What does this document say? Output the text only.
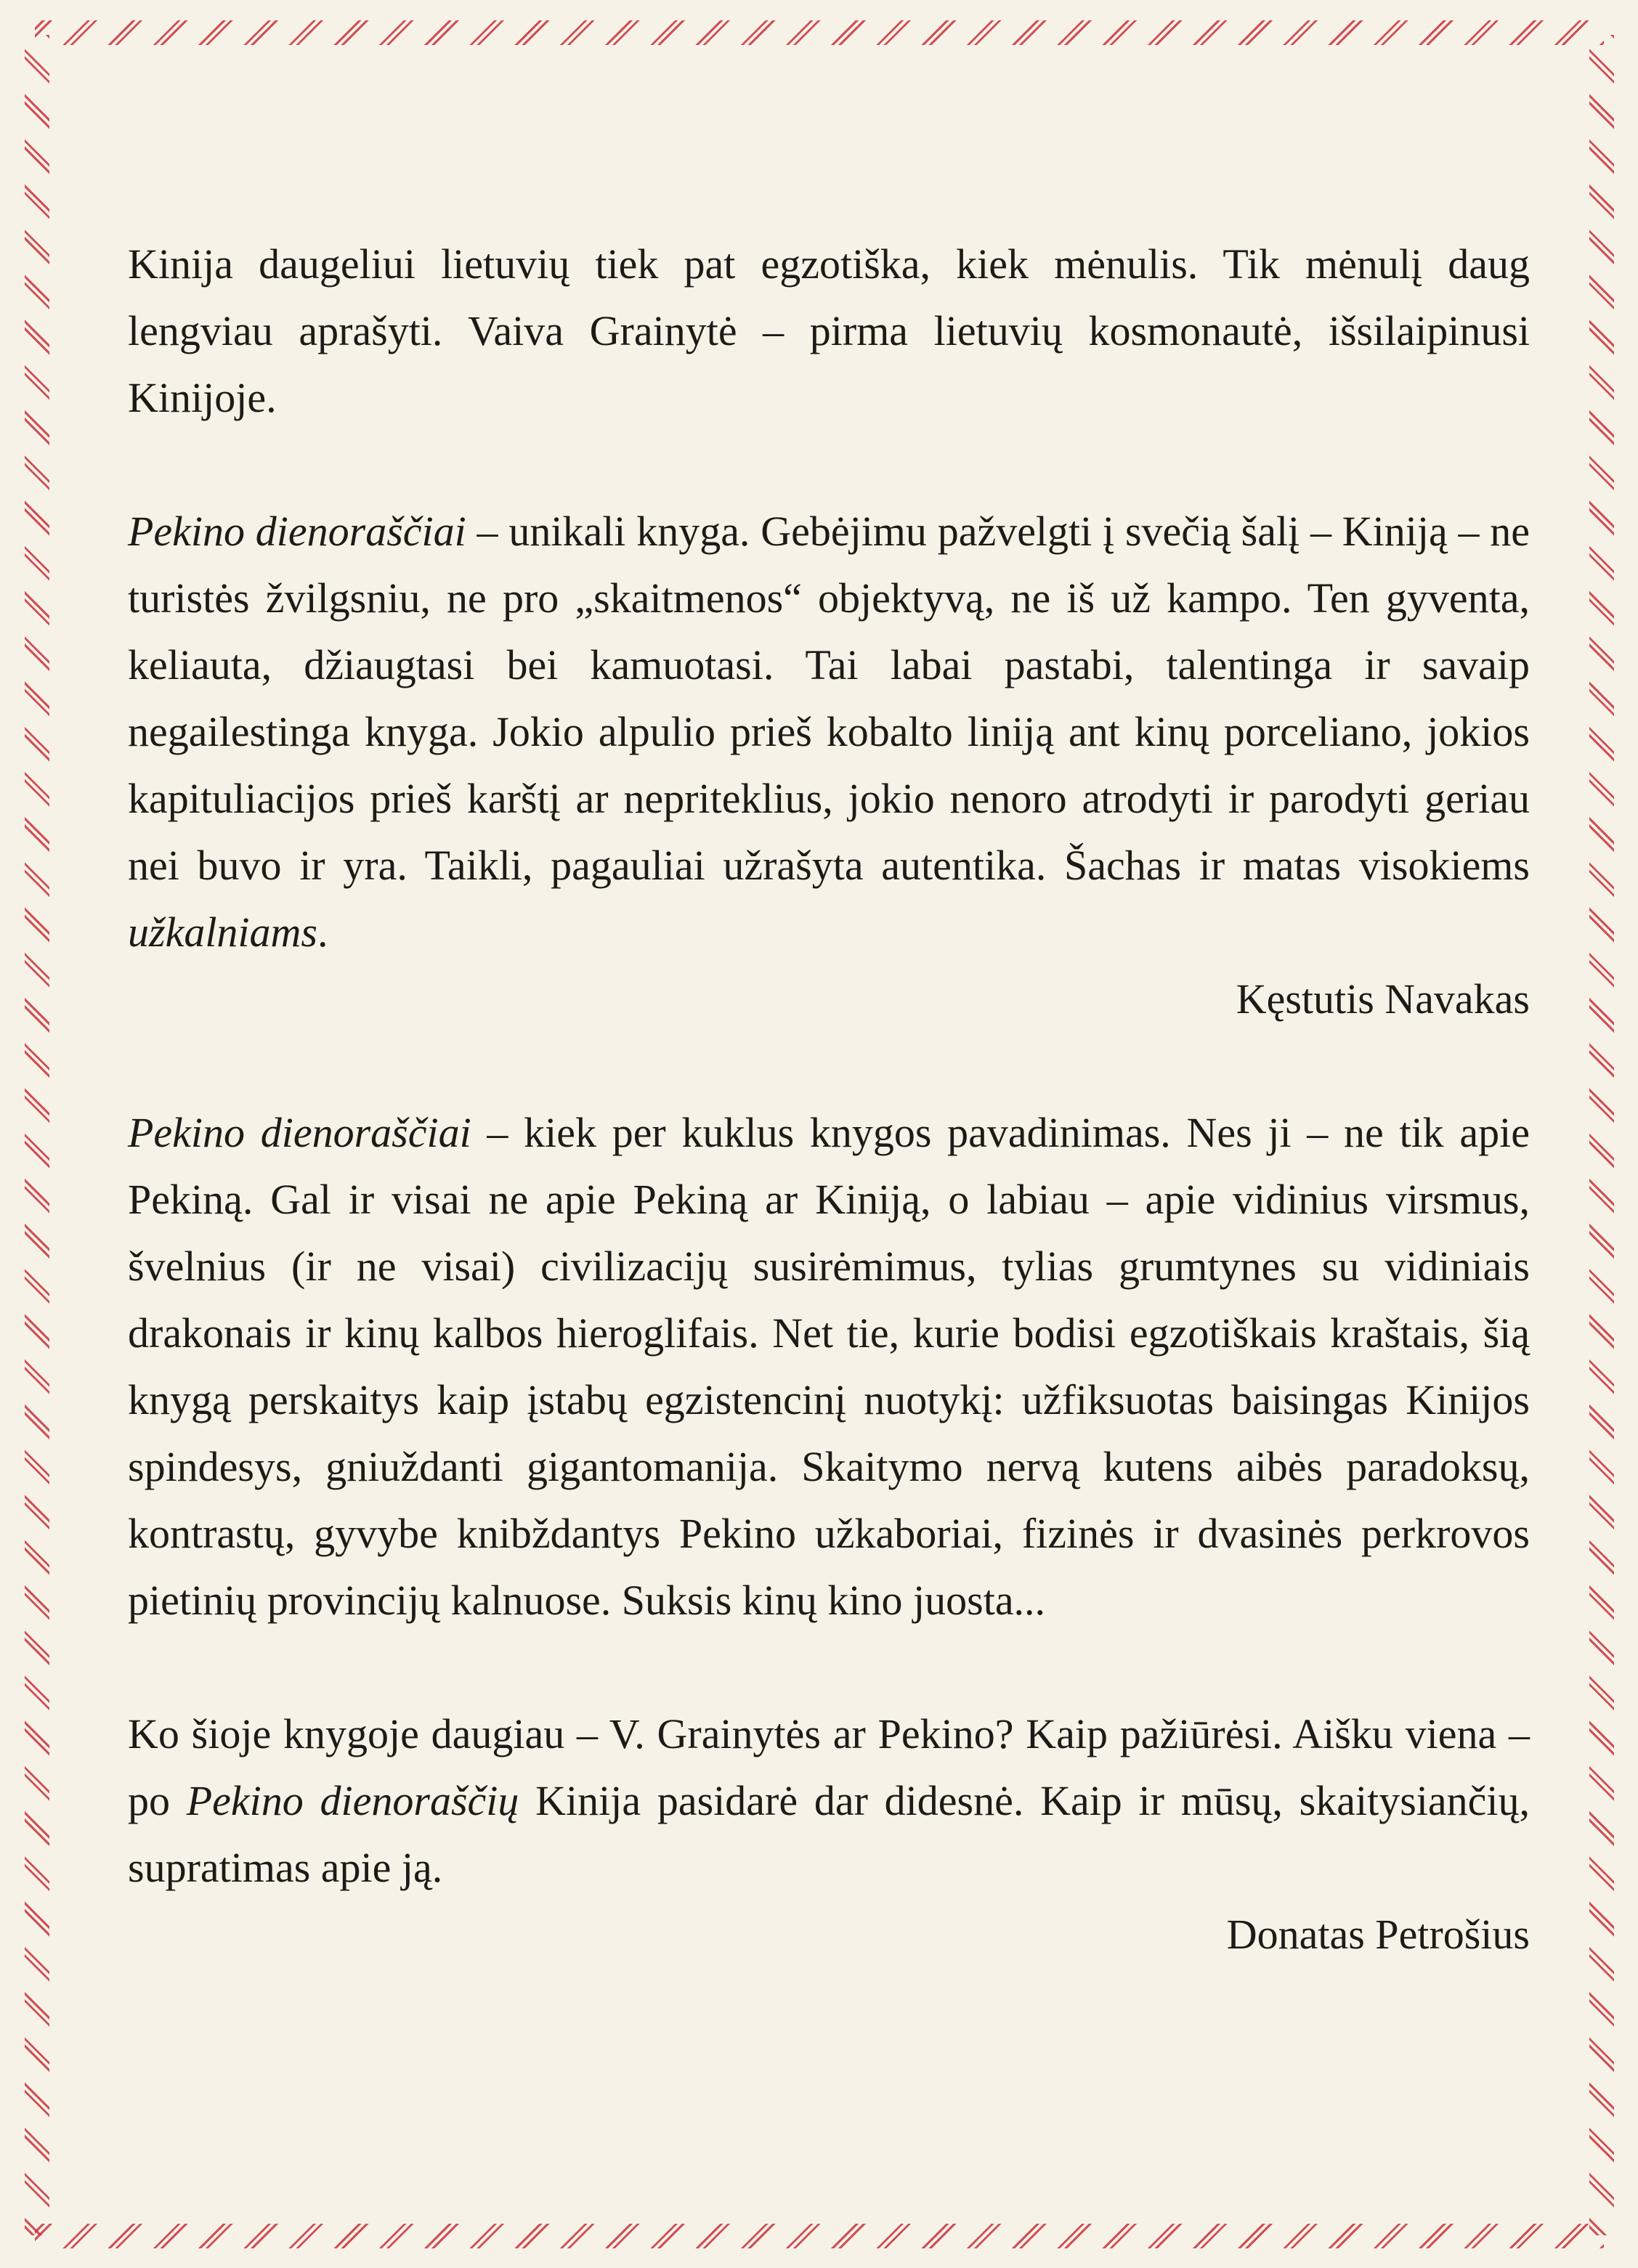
Kinija daugeliui lietuvių tiek pat egzotiška, kiek mėnulis. Tik mėnulį daug lengviau aprašyti. Vaiva Grainytė – pirma lietuvių kosmonautė, išsilaipinusi Kinijoje.

Pekino dienoraščiai – unikali knyga. Gebėjimu pažvelgti į svečią šalį – Kiniją – ne turistės žvilgsniu, ne pro „skaitmenos“ objektyvą, ne iš už kampo. Ten gyventa, keliauta, džiaugtasi bei kamuotasi. Tai labai pastabi, talentinga ir savaip negailestinga knyga. Jokio alpulio prieš kobalto liniją ant kinų porceliano, jokios kapituliacijos prieš karštį ar nepriteklius, jokio nenoro atrodyti ir parodyti geriau nei buvo ir yra. Taikli, pagauliai užrašyta autentika. Šachas ir matas visokiems užkalniams.

Kęstutis Navakas

Pekino dienoraščiai – kiek per kuklus knygos pavadinimas. Nes ji – ne tik apie Pekiną. Gal ir visai ne apie Pekiną ar Kiniją, o labiau – apie vidinius virsmus, švelnius (ir ne visai) civilizacijų susirėmimus, tylias grumtynes su vidiniais drakonais ir kinų kalbos hieroglifais. Net tie, kurie bodisi egzotiškais kraštais, šią knygą perskaitys kaip įstabų egzistencinį nuotykį: užfiksuotas baisingas Kinijos spindesys, gniuždanti gigantomanija. Skaitymo nervą kutens aibės paradoksų, kontrastų, gyvybe knibždantys Pekino užkaboriai, fizinės ir dvasinės perkrovos pietinių provincijų kalnuose. Suksis kinų kino juosta...

Ko šioje knygoje daugiau – V. Grainytės ar Pekino? Kaip pažiūrėsi. Aišku viena – po Pekino dienoraščių Kinija pasidarė dar didesnė. Kaip ir mūsų, skaitysiančių, supratimas apie ją.

Donatas Petrošius
